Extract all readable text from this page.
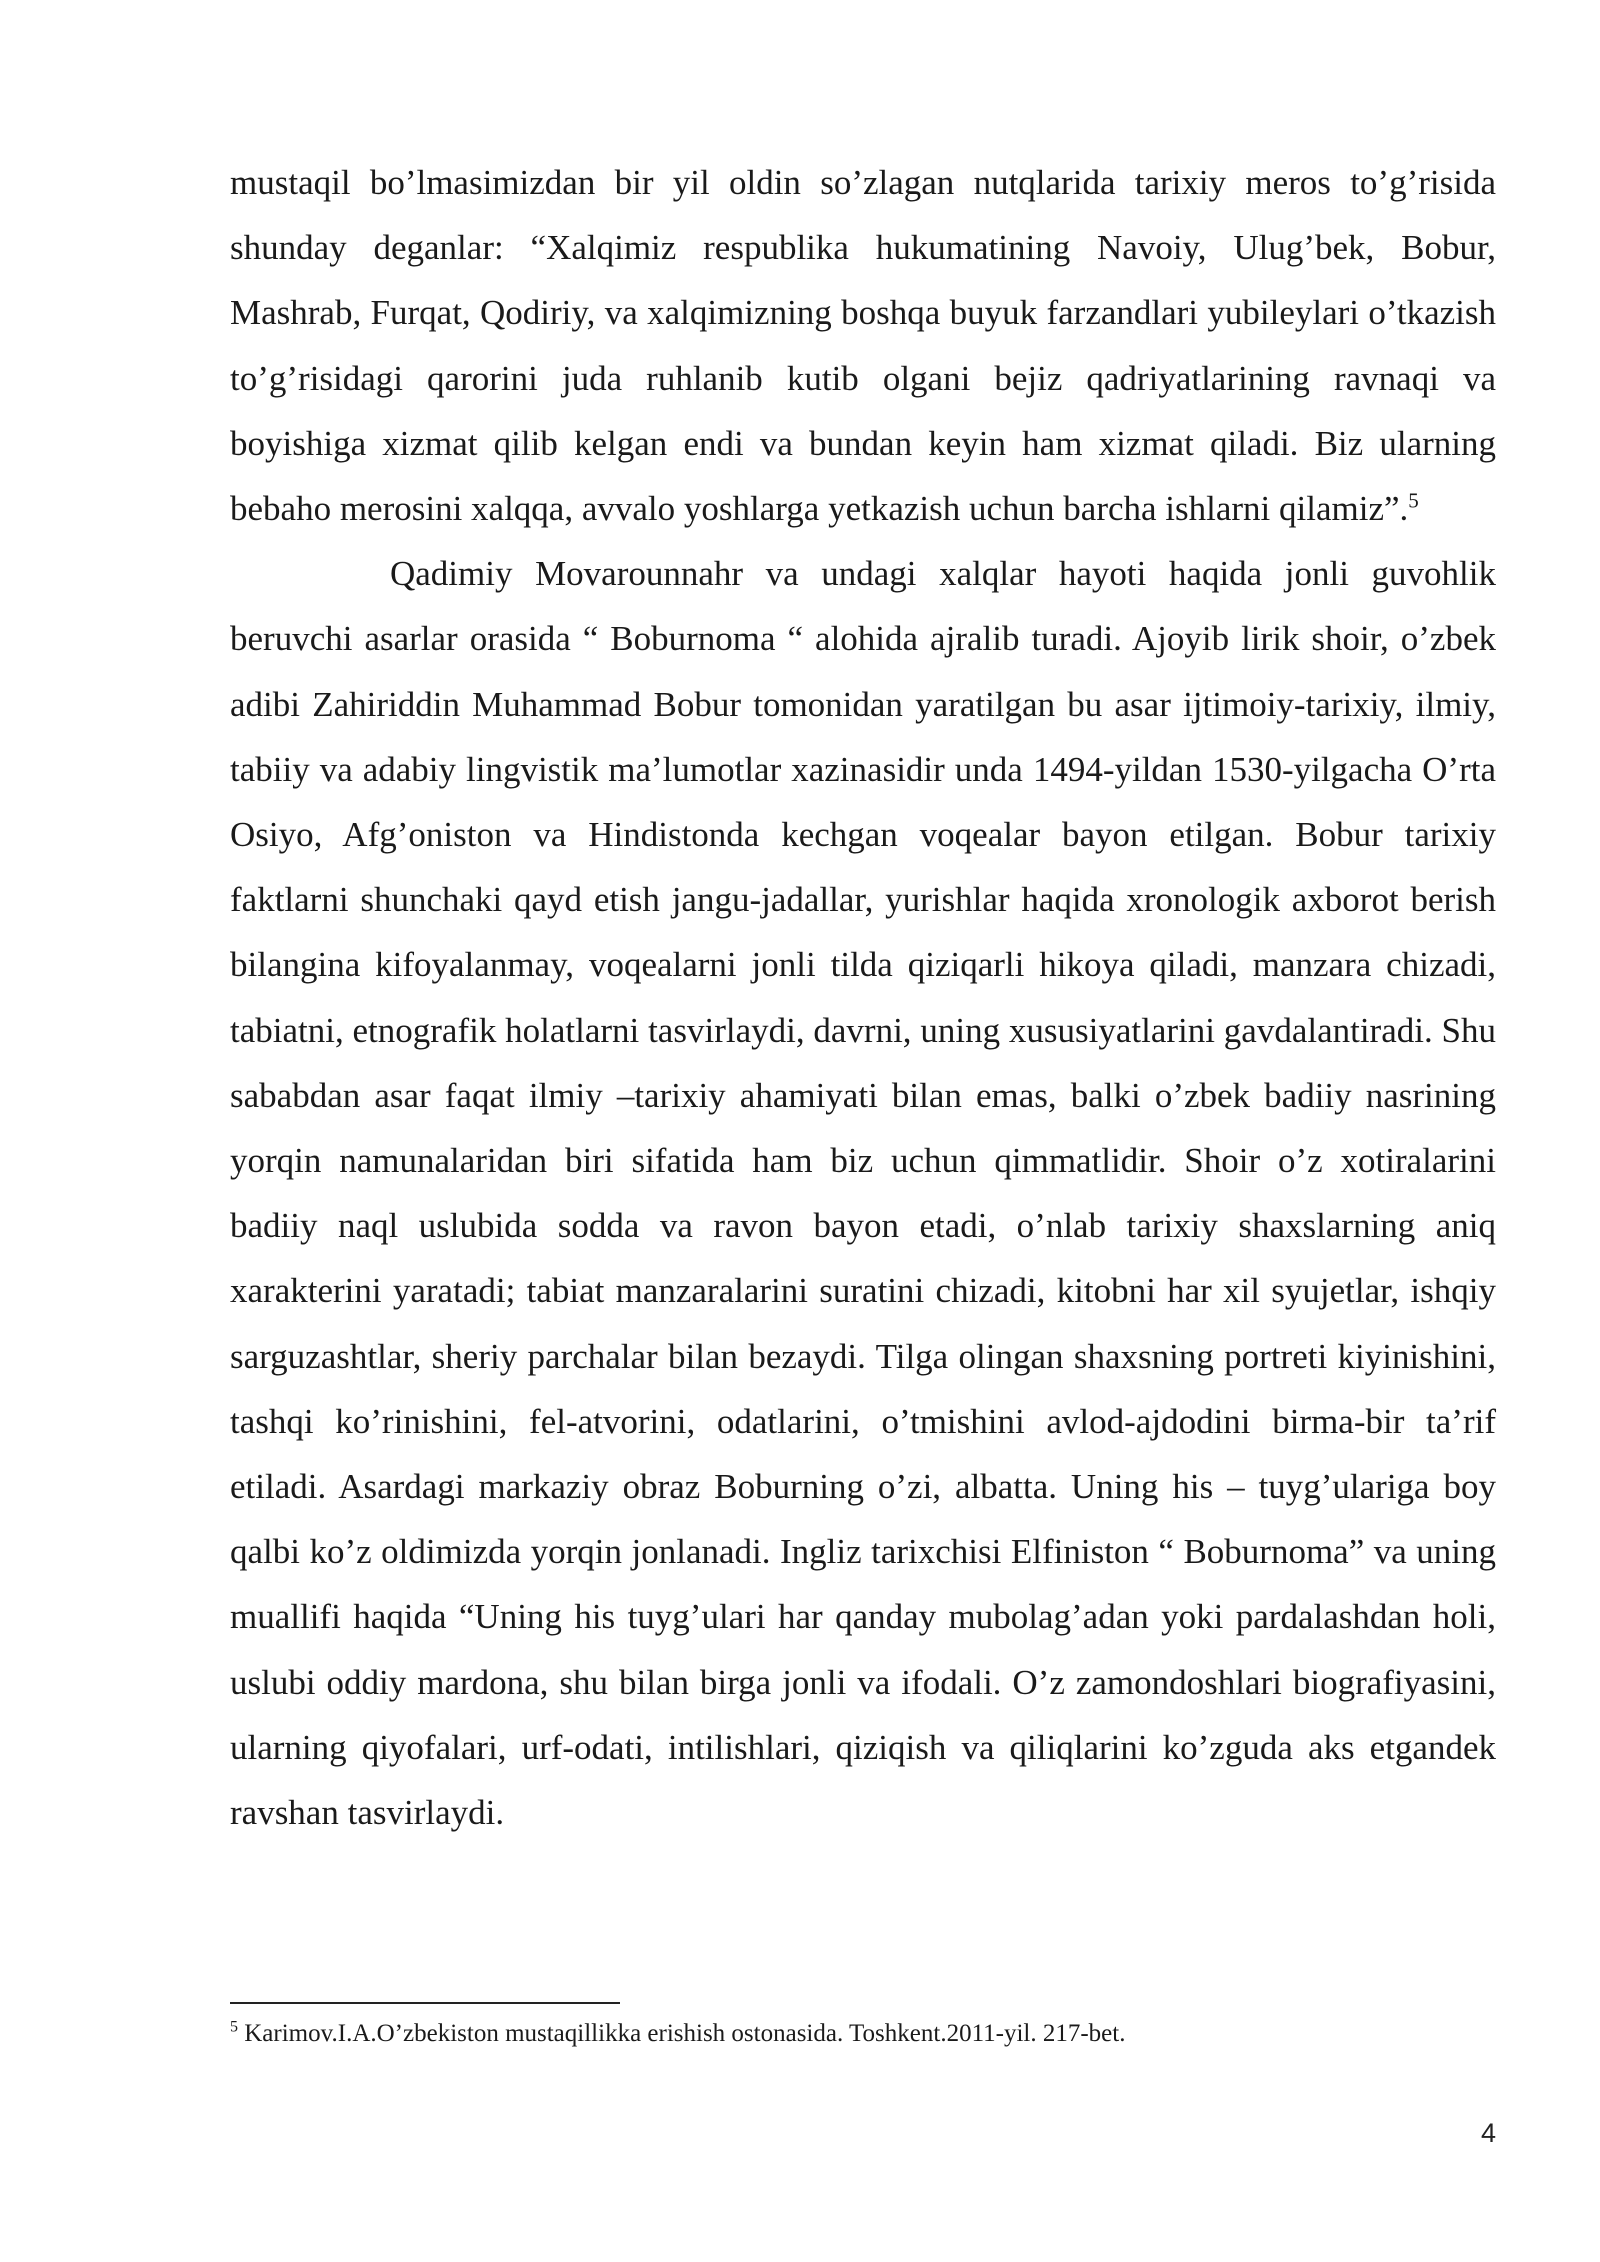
mustaqil bo’lmasimizdan bir yil oldin so’zlagan nutqlarida tarixiy meros to’g’risida shunday deganlar: “Xalqimiz respublika hukumatining Navoiy, Ulug’bek, Bobur, Mashrab, Furqat, Qodiriy, va xalqimizning boshqa buyuk farzandlari yubileylari o’tkazish to’g’risidagi qarorini juda ruhlanib kutib olgani bejiz qadriyatlarining ravnaqi va boyishiga xizmat qilib kelgan endi va bundan keyin ham xizmat qiladi. Biz ularning bebaho merosini xalqqa, avvalo yoshlarga yetkazish uchun barcha ishlarni qilamiz”.$^5$

Qadimiy Movarounnahr va undagi xalqlar hayoti haqida jonli guvohlik beruvchi asarlar orasida “ Boburnoma “ alohida ajralib turadi. Ajoyib lirik shoir, o’zbek adibi Zahiriddin Muhammad Bobur tomonidan yaratilgan bu asar ijtimoiy-tarixiy, ilmiy, tabiiy va adabiy lingvistik ma’lumotlar xazinasidir unda 1494-yildan 1530-yilgacha O’rta Osiyo, Afg’oniston va Hindistonda kechgan voqealar bayon etilgan. Bobur tarixiy faktlarni shunchaki qayd etish jangu-jadallar, yurishlar haqida xronologik axborot berish bilangina kifoyalanmay, voqealarni jonli tilda qiziqarli hikoya qiladi, manzara chizadi, tabiatni, etnografik holatlarni tasvirlaydi, davrni, uning xususiyatlarini gavdalantiradi. Shu sababdan asar faqat ilmiy –tarixiy ahamiyati bilan emas, balki o’zbek badiiy nasrining yorqin namunalaridan biri sifatida ham biz uchun qimmatlidir. Shoir o’z xotiralarini badiiy naql uslubida sodda va ravon bayon etadi, o’nlab tarixiy shaxslarning aniq xarakterini yaratadi; tabiat manzaralarini suratini chizadi, kitobni har xil syujetlar, ishqiy sarguzashtlar, sheriy parchalar bilan bezaydi. Tilga olingan shaxsning portreti kiyinishini, tashqi ko’rinishini, fel-atvorini, odatlarini, o’tmishini avlod-ajdodini birma-bir ta’rif etiladi. Asardagi markaziy obraz Boburning o’zi, albatta. Uning his – tuyg’ulariga boy qalbi ko’z oldimizda yorqin jonlanadi. Ingliz tarixchisi Elfiniston “ Boburnoma” va uning muallifi haqida “Uning his tuyg’ulari har qanday mubolag’adan yoki pardalashdan holi, uslubi oddiy mardona, shu bilan birga jonli va ifodali. O’z zamondoshlari biografiyasini, ularning qiyofalari, urf-odati, intilishlari, qiziqish va qiliqlarini ko’zguda aks etgandek ravshan tasvirlaydi.

$^5$ Karimov.I.A.O’zbekiston mustaqillikka erishish ostonasida. Toshkent.2011-yil. 217-bet.

4
